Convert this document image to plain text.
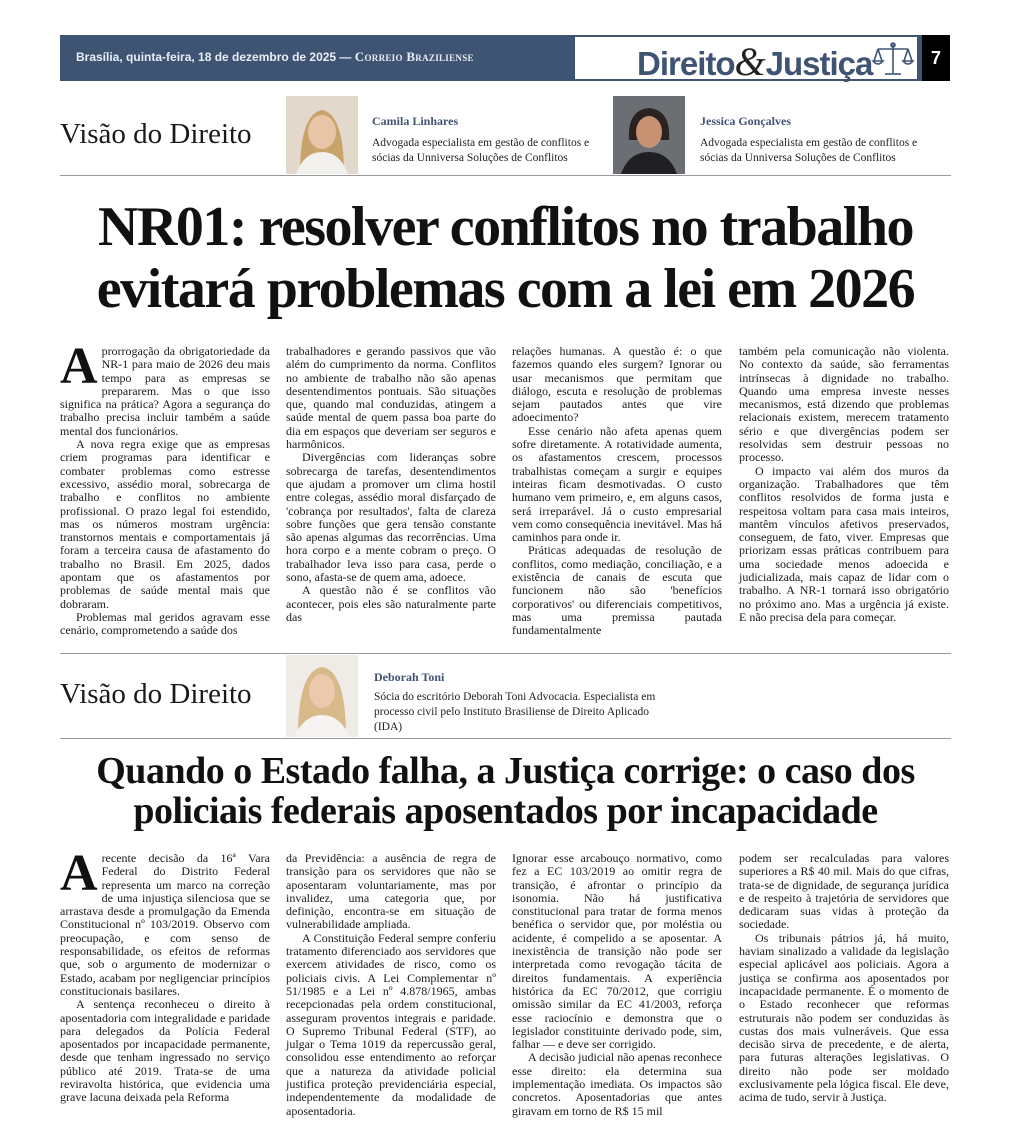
Brasília, quinta-feira, 18 de dezembro de 2025 — Correio Braziliense	Direito&Justiça	7
Visão do Direito	Camila Linhares
Advogada especialista em gestão de conflitos e sócias da Unniversa Soluções de Conflitos
Jessica Gonçalves
Advogada especialista em gestão de conflitos e sócias da Unniversa Soluções de Conflitos
NR01: resolver conflitos no trabalho
evitará problemas com a lei em 2026

Aprorrogação da obrigatoriedade da NR-1 para maio de 2026 deu mais tempo para as empresas se prepararem. Mas o que isso significa na prática? Agora a segurança do trabalho precisa incluir também a saúde mental dos funcionários.

A nova regra exige que as empresas criem programas para identificar e combater problemas como estresse excessivo, assédio moral, sobrecarga de trabalho e conflitos no ambiente profissional. O prazo legal foi estendido, mas os números mostram urgência: transtornos mentais e comportamentais já foram a terceira causa de afastamento do trabalho no Brasil. Em 2025, dados apontam que os afastamentos por problemas de saúde mental mais que dobraram.

Problemas mal geridos agravam esse cenário, comprometendo a saúde dos

trabalhadores e gerando passivos que vão além do cumprimento da norma. Conflitos no ambiente de trabalho não são apenas desentendimentos pontuais. São situações que, quando mal conduzidas, atingem a saúde mental de quem passa boa parte do dia em espaços que deveriam ser seguros e harmônicos.

Divergências com lideranças sobre sobrecarga de tarefas, desentendimentos que ajudam a promover um clima hostil entre colegas, assédio moral disfarçado de 'cobrança por resultados', falta de clareza sobre funções que gera tensão constante são apenas algumas das recorrências. Uma hora corpo e a mente cobram o preço. O trabalhador leva isso para casa, perde o sono, afasta-se de quem ama, adoece.

A questão não é se conflitos vão acontecer, pois eles são naturalmente parte das

relações humanas. A questão é: o que fazemos quando eles surgem? Ignorar ou usar mecanismos que permitam que diálogo, escuta e resolução de problemas sejam pautados antes que vire adoecimento?

Esse cenário não afeta apenas quem sofre diretamente. A rotatividade aumenta, os afastamentos crescem, processos trabalhistas começam a surgir e equipes inteiras ficam desmotivadas. O custo humano vem primeiro, e, em alguns casos, será irreparável. Já o custo empresarial vem como consequência inevitável. Mas há caminhos para onde ir.

Práticas adequadas de resolução de conflitos, como mediação, conciliação, e a existência de canais de escuta que funcionem não são 'benefícios corporativos' ou diferenciais competitivos, mas uma premissa pautada fundamentalmente

também pela comunicação não violenta. No contexto da saúde, são ferramentas intrínsecas à dignidade no trabalho. Quando uma empresa investe nesses mecanismos, está dizendo que problemas relacionais existem, merecem tratamento sério e que divergências podem ser resolvidas sem destruir pessoas no processo.

O impacto vai além dos muros da organização. Trabalhadores que têm conflitos resolvidos de forma justa e respeitosa voltam para casa mais inteiros, mantêm vínculos afetivos preservados, conseguem, de fato, viver. Empresas que priorizam essas práticas contribuem para uma sociedade menos adoecida e judicializada, mais capaz de lidar com o trabalho. A NR-1 tornará isso obrigatório no próximo ano. Mas a urgência já existe. E não precisa dela para começar.

Visão do Direito
Deborah Toni
Sócia do escritório Deborah Toni Advocacia. Especialista em processo civil pelo Instituto Brasiliense de Direito Aplicado (IDA)
Quando o Estado falha, a Justiça corrige: o caso dos
policiais federais aposentados por incapacidade

Arecente decisão da 16ª Vara Federal do Distrito Federal representa um marco na correção de uma injustiça silenciosa que se arrastava desde a promulgação da Emenda Constitucional nº 103/2019. Observo com preocupação, e com senso de responsabilidade, os efeitos de reformas que, sob o argumento de modernizar o Estado, acabam por negligenciar princípios constitucionais basilares.

A sentença reconheceu o direito à aposentadoria com integralidade e paridade para delegados da Polícia Federal aposentados por incapacidade permanente, desde que tenham ingressado no serviço público até 2019. Trata-se de uma reviravolta histórica, que evidencia uma grave lacuna deixada pela Reforma

da Previdência: a ausência de regra de transição para os servidores que não se aposentaram voluntariamente, mas por invalidez, uma categoria que, por definição, encontra-se em situação de vulnerabilidade ampliada.

A Constituição Federal sempre conferiu tratamento diferenciado aos servidores que exercem atividades de risco, como os policiais civis. A Lei Complementar nº 51/1985 e a Lei nº 4.878/1965, ambas recepcionadas pela ordem constitucional, asseguram proventos integrais e paridade. O Supremo Tribunal Federal (STF), ao julgar o Tema 1019 da repercussão geral, consolidou esse entendimento ao reforçar que a natureza da atividade policial justifica proteção previdenciária especial, independentemente da modalidade de aposentadoria.

Ignorar esse arcabouço normativo, como fez a EC 103/2019 ao omitir regra de transição, é afrontar o princípio da isonomia. Não há justificativa constitucional para tratar de forma menos benéfica o servidor que, por moléstia ou acidente, é compelido a se aposentar. A inexistência de transição não pode ser interpretada como revogação tácita de direitos fundamentais. A experiência histórica da EC 70/2012, que corrigiu omissão similar da EC 41/2003, reforça esse raciocínio e demonstra que o legislador constituinte derivado pode, sim, falhar — e deve ser corrigido.

A decisão judicial não apenas reconhece esse direito: ela determina sua implementação imediata. Os impactos são concretos. Aposentadorias que antes giravam em torno de R$ 15 mil

podem ser recalculadas para valores superiores a R$ 40 mil. Mais do que cifras, trata-se de dignidade, de segurança jurídica e de respeito à trajetória de servidores que dedicaram suas vidas à proteção da sociedade.

Os tribunais pátrios já, há muito, haviam sinalizado a validade da legislação especial aplicável aos policiais. Agora a justiça se confirma aos aposentados por incapacidade permanente. É o momento de o Estado reconhecer que reformas estruturais não podem ser conduzidas às custas dos mais vulneráveis. Que essa decisão sirva de precedente, e de alerta, para futuras alterações legislativas. O direito não pode ser moldado exclusivamente pela lógica fiscal. Ele deve, acima de tudo, servir à Justiça.
